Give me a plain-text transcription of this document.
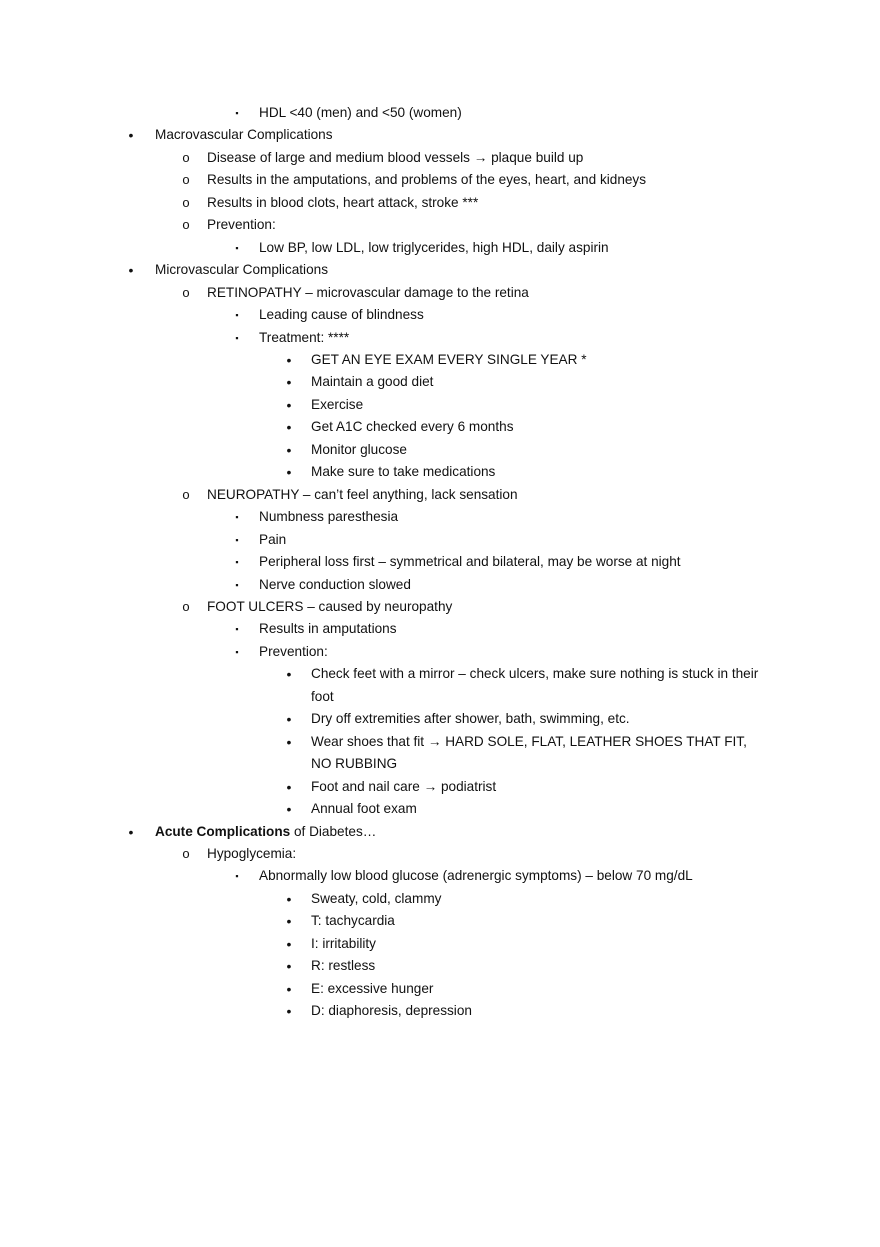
▪	HDL <40 (men) and <50 (women)
•	Macrovascular Complications
o Disease of large and medium blood vessels → plaque build up
o Results in the amputations, and problems of the eyes, heart, and kidneys
o Results in blood clots, heart attack, stroke ***
o Prevention:
▪	Low BP, low LDL, low triglycerides, high HDL, daily aspirin
•	Microvascular Complications
o RETINOPATHY – microvascular damage to the retina
▪	Leading cause of blindness
▪	Treatment: ****
•	GET AN EYE EXAM EVERY SINGLE YEAR *
•	Maintain a good diet
•	Exercise
•	Get A1C checked every 6 months
•	Monitor glucose
•	Make sure to take medications
o NEUROPATHY – can’t feel anything, lack sensation
▪	Numbness paresthesia
▪	Pain
▪	Peripheral loss first – symmetrical and bilateral, may be worse at night
▪	Nerve conduction slowed
o FOOT ULCERS – caused by neuropathy
▪	Results in amputations
▪	Prevention:
•	Check feet with a mirror – check ulcers, make sure nothing is stuck in their foot
•	Dry off extremities after shower, bath, swimming, etc.
•	Wear shoes that fit → HARD SOLE, FLAT, LEATHER SHOES THAT FIT, NO RUBBING
•	Foot and nail care → podiatrist
•	Annual foot exam
•	Acute Complications of Diabetes…
o Hypoglycemia:
▪	Abnormally low blood glucose (adrenergic symptoms) – below 70 mg/dL
•	Sweaty, cold, clammy
•	T: tachycardia
•	I: irritability
•	R: restless
•	E: excessive hunger
•	D: diaphoresis, depression
